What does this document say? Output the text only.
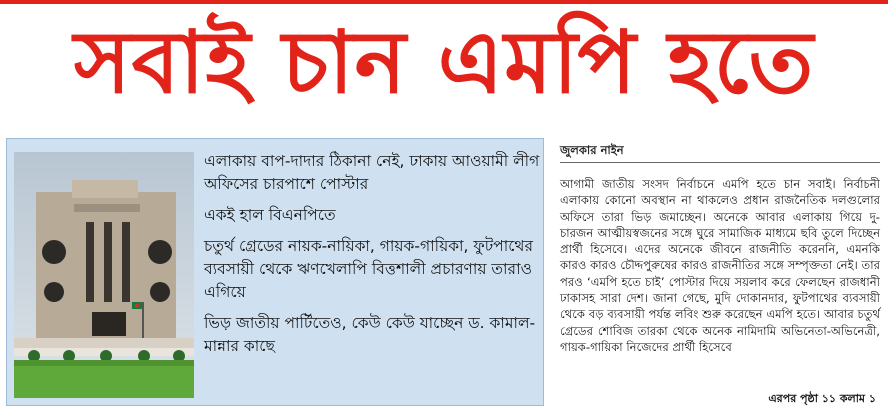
সবাই চান এমপি হতে

এলাকায় বাপ-দাদার ঠিকানা নেই, ঢাকায় আওয়ামী লীগ অফিসের চারপাশে পোস্টার

একই হাল বিএনপিতে

চতুর্থ গ্রেডের নায়ক-নায়িকা, গায়ক-গায়িকা, ফুটপাথের ব্যবসায়ী থেকে ঋণখেলাপি বিত্তশালী প্রচারণায় তারাও এগিয়ে

ভিড় জাতীয় পার্টিতেও, কেউ কেউ যাচ্ছেন ড. কামাল-মান্নার কাছে

জুলকার নাইন

আগামী জাতীয় সংসদ নির্বাচনে এমপি হতে চান সবাই। নির্বাচনী এলাকায় কোনো অবস্থান না থাকলেও প্রধান রাজনৈতিক দলগুলোর অফিসে তারা ভিড় জমাচ্ছেন। অনেকে আবার এলাকায় গিয়ে দু-চারজন আত্মীয়স্বজনের সঙ্গে ঘুরে সামাজিক মাধ্যমে ছবি তুলে দিচ্ছেন প্রার্থী হিসেবে। এদের অনেকে জীবনে রাজনীতি করেননি, এমনকি কারও কারও চৌদ্দপুরুষের কারও রাজনীতির সঙ্গে সম্পৃক্ততা নেই। তার পরও ‘এমপি হতে চাই’ পোস্টার দিয়ে সয়লাব করে ফেলছেন রাজধানী ঢাকাসহ সারা দেশ। জানা গেছে, মুদি দোকানদার, ফুটপাথের ব্যবসায়ী থেকে বড় ব্যবসায়ী পর্যন্ত লবিং শুরু করেছেন এমপি হতে। আবার চতুর্থ গ্রেডের শোবিজ তারকা থেকে অনেক নামিদামি অভিনেতা-অভিনেত্রী, গায়ক-গায়িকা নিজেদের প্রার্থী হিসেবে

এরপর পৃষ্ঠা ১১ কলাম ১
